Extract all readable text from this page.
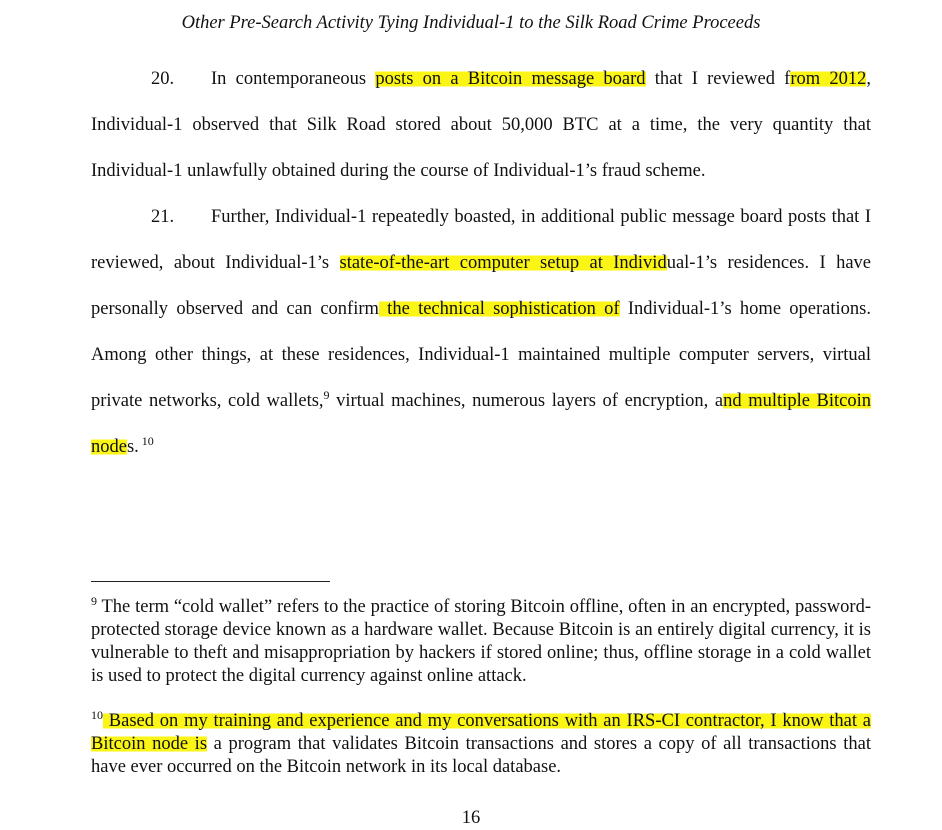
Other Pre-Search Activity Tying Individual-1 to the Silk Road Crime Proceeds

20. In contemporaneous posts on a Bitcoin message board that I reviewed from 2012, Individual-1 observed that Silk Road stored about 50,000 BTC at a time, the very quantity that Individual-1 unlawfully obtained during the course of Individual-1’s fraud scheme.

21. Further, Individual-1 repeatedly boasted, in additional public message board posts that I reviewed, about Individual-1’s state-of-the-art computer setup at Individual-1’s residences. I have personally observed and can confirm the technical sophistication of Individual-1’s home operations. Among other things, at these residences, Individual-1 maintained multiple computer servers, virtual private networks, cold wallets,$^9$ virtual machines, numerous layers of encryption, and multiple Bitcoin nodes. $^{10}$

$^9$ The term “cold wallet” refers to the practice of storing Bitcoin offline, often in an encrypted, password-protected storage device known as a hardware wallet. Because Bitcoin is an entirely digital currency, it is vulnerable to theft and misappropriation by hackers if stored online; thus, offline storage in a cold wallet is used to protect the digital currency against online attack.

$^{10}$ Based on my training and experience and my conversations with an IRS-CI contractor, I know that a Bitcoin node is a program that validates Bitcoin transactions and stores a copy of all transactions that have ever occurred on the Bitcoin network in its local database.

16
